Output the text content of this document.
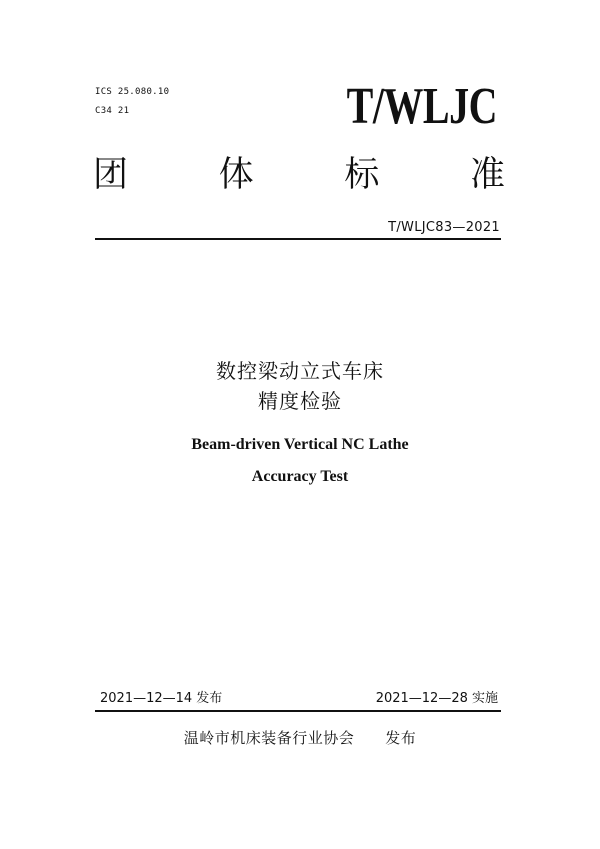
ICS 25.080.10
C34 21	T/WLJC
团	体	标	准
T/WLJC83—2021
数控梁动立式车床
精度检验
Beam-driven Vertical NC Lathe
Accuracy Test
2021—12—14 发布	2021—12—28 实施
温岭市机床装备行业协会　　发布
